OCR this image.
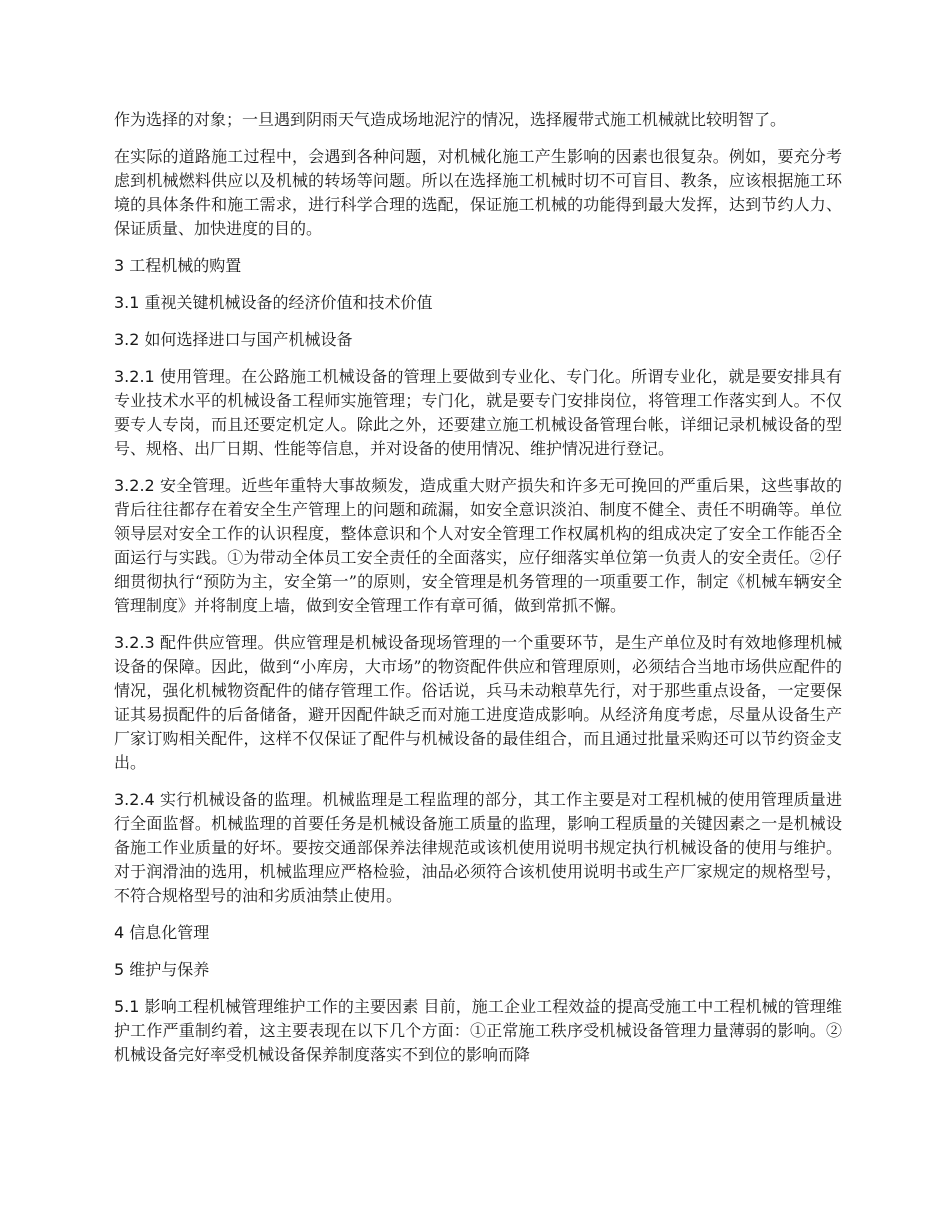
作为选择的对象；一旦遇到阴雨天气造成场地泥泞的情况，选择履带式施工机械就比较明智了。

在实际的道路施工过程中，会遇到各种问题，对机械化施工产生影响的因素也很复杂。例如，要充分考虑到机械燃料供应以及机械的转场等问题。所以在选择施工机械时切不可盲目、教条，应该根据施工环境的具体条件和施工需求，进行科学合理的选配，保证施工机械的功能得到最大发挥，达到节约人力、保证质量、加快进度的目的。

3 工程机械的购置

3.1 重视关键机械设备的经济价值和技术价值

3.2 如何选择进口与国产机械设备

3.2.1 使用管理。在公路施工机械设备的管理上要做到专业化、专门化。所谓专业化，就是要安排具有专业技术水平的机械设备工程师实施管理；专门化，就是要专门安排岗位，将管理工作落实到人。不仅要专人专岗，而且还要定机定人。除此之外，还要建立施工机械设备管理台帐，详细记录机械设备的型号、规格、出厂日期、性能等信息，并对设备的使用情况、维护情况进行登记。

3.2.2 安全管理。近些年重特大事故频发，造成重大财产损失和许多无可挽回的严重后果，这些事故的背后往往都存在着安全生产管理上的问题和疏漏，如安全意识淡泊、制度不健全、责任不明确等。单位领导层对安全工作的认识程度，整体意识和个人对安全管理工作权属机构的组成决定了安全工作能否全面运行与实践。①为带动全体员工安全责任的全面落实，应仔细落实单位第一负责人的安全责任。②仔细贯彻执行“预防为主，安全第一”的原则，安全管理是机务管理的一项重要工作，制定《机械车辆安全管理制度》并将制度上墙，做到安全管理工作有章可循，做到常抓不懈。

3.2.3 配件供应管理。供应管理是机械设备现场管理的一个重要环节，是生产单位及时有效地修理机械设备的保障。因此，做到“小库房，大市场”的物资配件供应和管理原则，必须结合当地市场供应配件的情况，强化机械物资配件的储存管理工作。俗话说，兵马未动粮草先行，对于那些重点设备，一定要保证其易损配件的后备储备，避开因配件缺乏而对施工进度造成影响。从经济角度考虑，尽量从设备生产厂家订购相关配件，这样不仅保证了配件与机械设备的最佳组合，而且通过批量采购还可以节约资金支出。

3.2.4 实行机械设备的监理。机械监理是工程监理的部分，其工作主要是对工程机械的使用管理质量进行全面监督。机械监理的首要任务是机械设备施工质量的监理，影响工程质量的关键因素之一是机械设备施工作业质量的好坏。要按交通部保养法律规范或该机使用说明书规定执行机械设备的使用与维护。对于润滑油的选用，机械监理应严格检验，油品必须符合该机使用说明书或生产厂家规定的规格型号，不符合规格型号的油和劣质油禁止使用。

4 信息化管理

5 维护与保养

5.1 影响工程机械管理维护工作的主要因素 目前，施工企业工程效益的提高受施工中工程机械的管理维护工作严重制约着，这主要表现在以下几个方面：①正常施工秩序受机械设备管理力量薄弱的影响。②机械设备完好率受机械设备保养制度落实不到位的影响而降
